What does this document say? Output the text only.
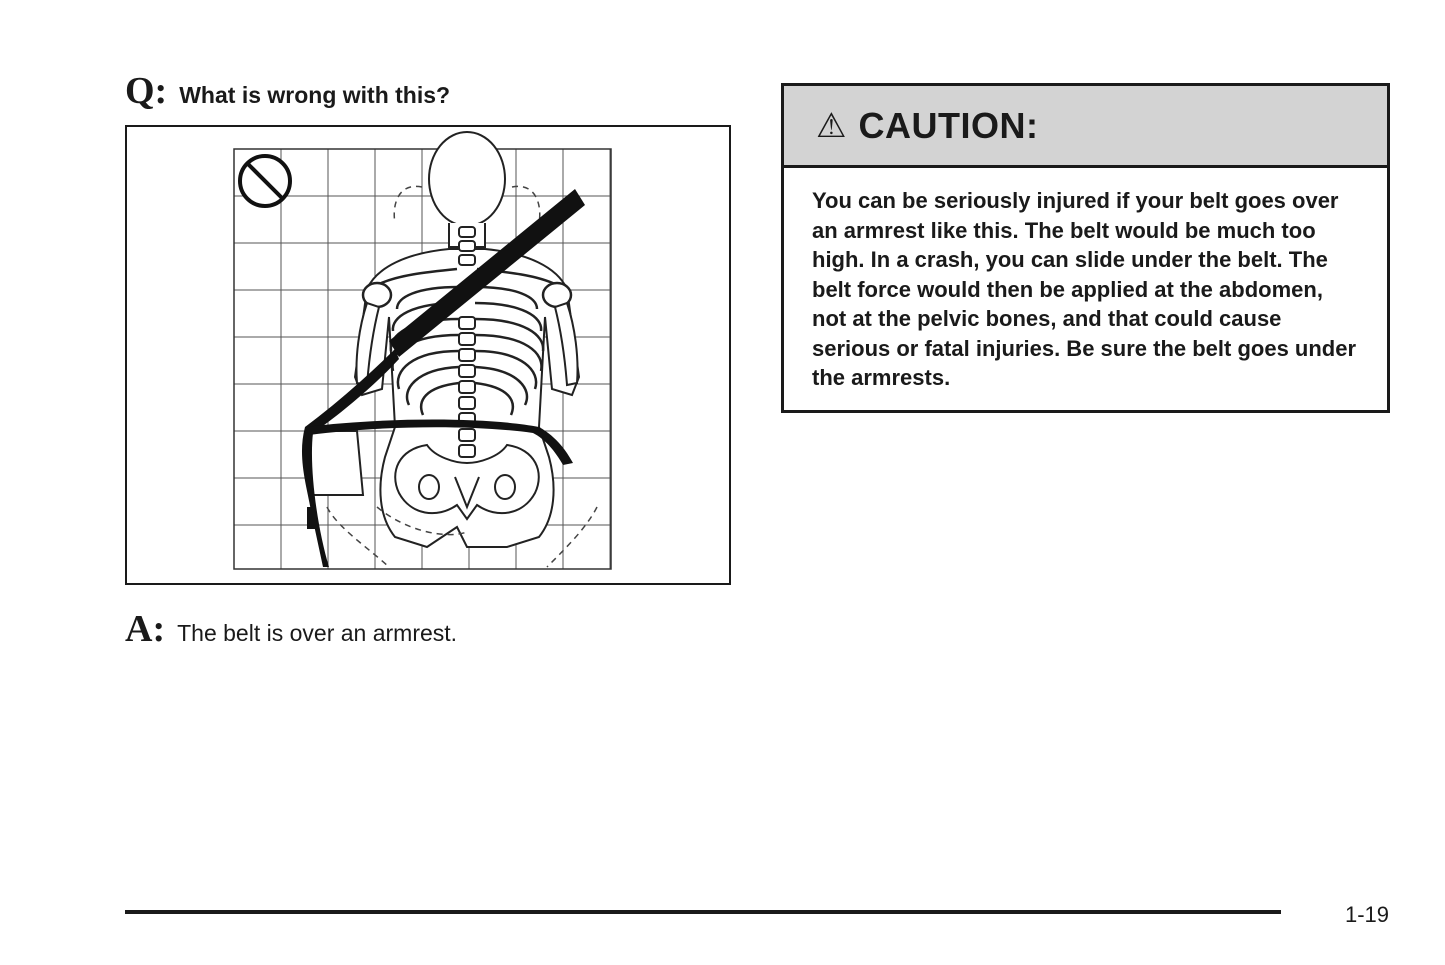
Q: What is wrong with this?
A: The belt is over an armrest.
⚠ CAUTION:
You can be seriously injured if your belt goes over an armrest like this. The belt would be much too high. In a crash, you can slide under the belt. The belt force would then be applied at the abdomen, not at the pelvic bones, and that could cause serious or fatal injuries. Be sure the belt goes under the armrests.
1-19
